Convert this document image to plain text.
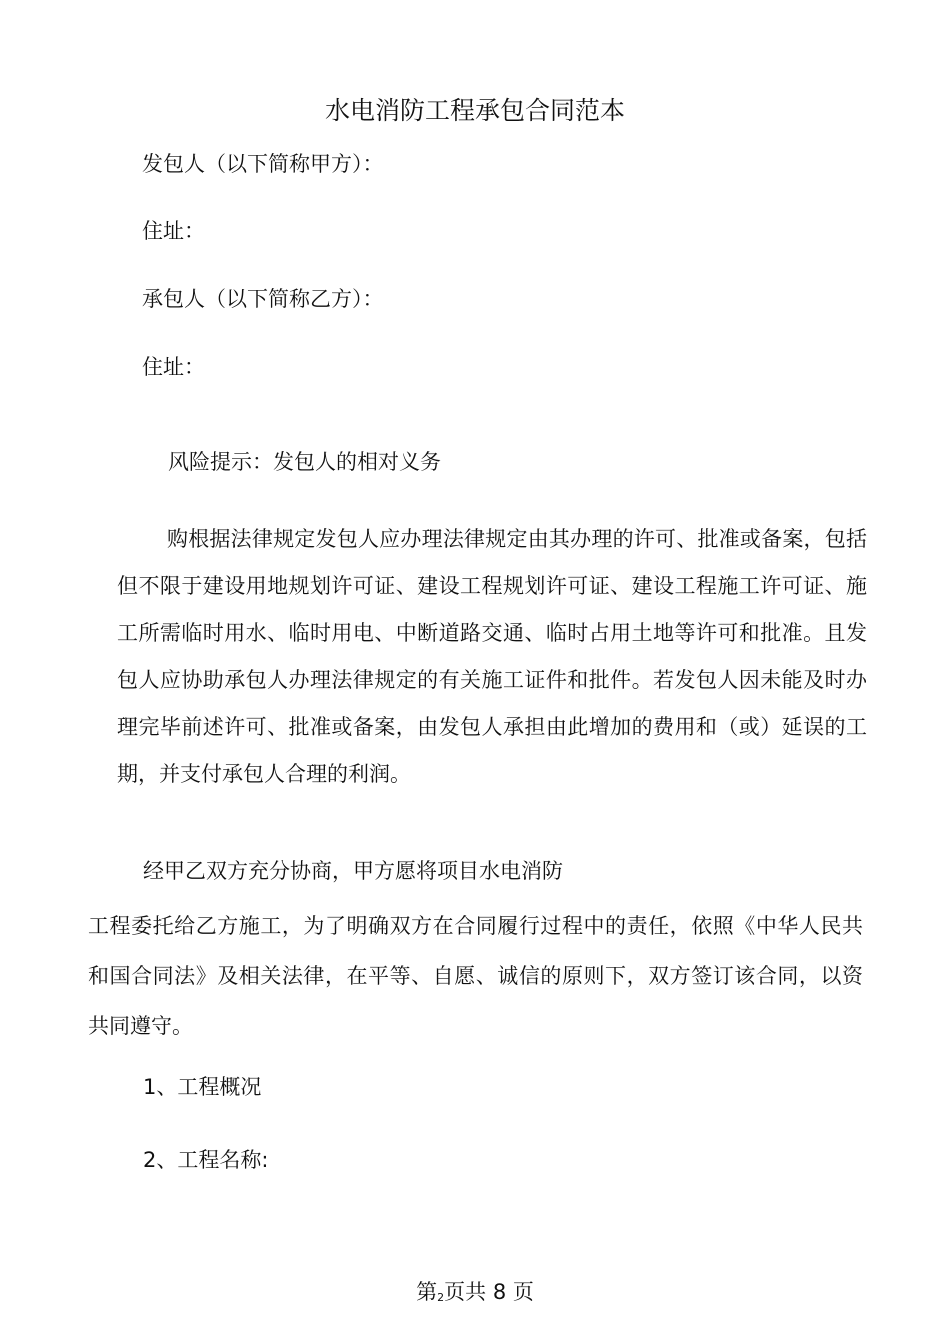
水电消防工程承包合同范本
发包人（以下简称甲方）：
住址：
承包人（以下简称乙方）：
住址：
风险提示：发包人的相对义务
购根据法律规定发包人应办理法律规定由其办理的许可、批准或备案，包括但不限于建设用地规划许可证、建设工程规划许可证、建设工程施工许可证、施工所需临时用水、临时用电、中断道路交通、临时占用土地等许可和批准。且发包人应协助承包人办理法律规定的有关施工证件和批件。若发包人因未能及时办理完毕前述许可、批准或备案，由发包人承担由此增加的费用和（或）延误的工期，并支付承包人合理的利润。
经甲乙双方充分协商，甲方愿将项目水电消防
工程委托给乙方施工，为了明确双方在合同履行过程中的责任，依照《中华人民共和国合同法》及相关法律，在平等、自愿、诚信的原则下，双方签订该合同，以资共同遵守。
1、工程概况
2、工程名称:
第2页共 8 页
